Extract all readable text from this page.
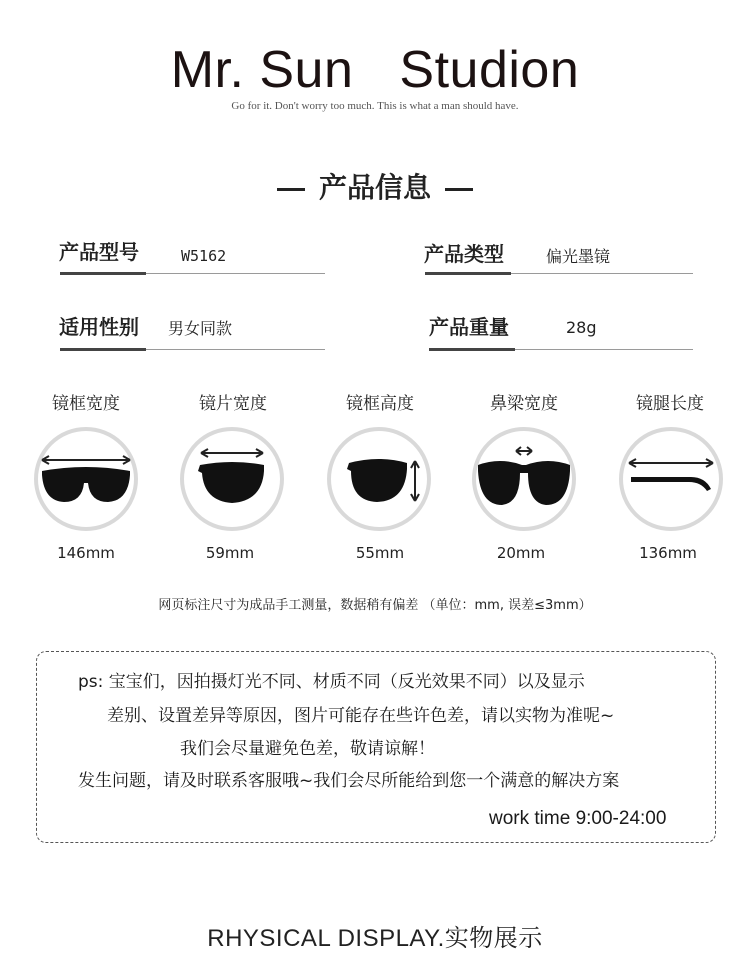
Mr. Sun Studion
Go for it. Don't worry too much. This is what a man should have.
产品信息
产品型号	W5162	产品类型	偏光墨镜
适用性别 男女同款	产品重量	28g
镜框宽度	镜片宽度	镜框高度	鼻梁宽度	镜腿长度
146mm	59mm	55mm	20mm	136mm
网页标注尺寸为成品手工测量，数据稍有偏差 （单位：mm, 误差≤3mm）
ps: 宝宝们，因拍摄灯光不同、材质不同（反光效果不同）以及显示
差别、设置差异等原因，图片可能存在些许色差，请以实物为准呢~
我们会尽量避免色差，敬请谅解！
发生问题，请及时联系客服哦~我们会尽所能给到您一个满意的解决方案
work time 9:00-24:00
RHYSICAL DISPLAY.实物展示
